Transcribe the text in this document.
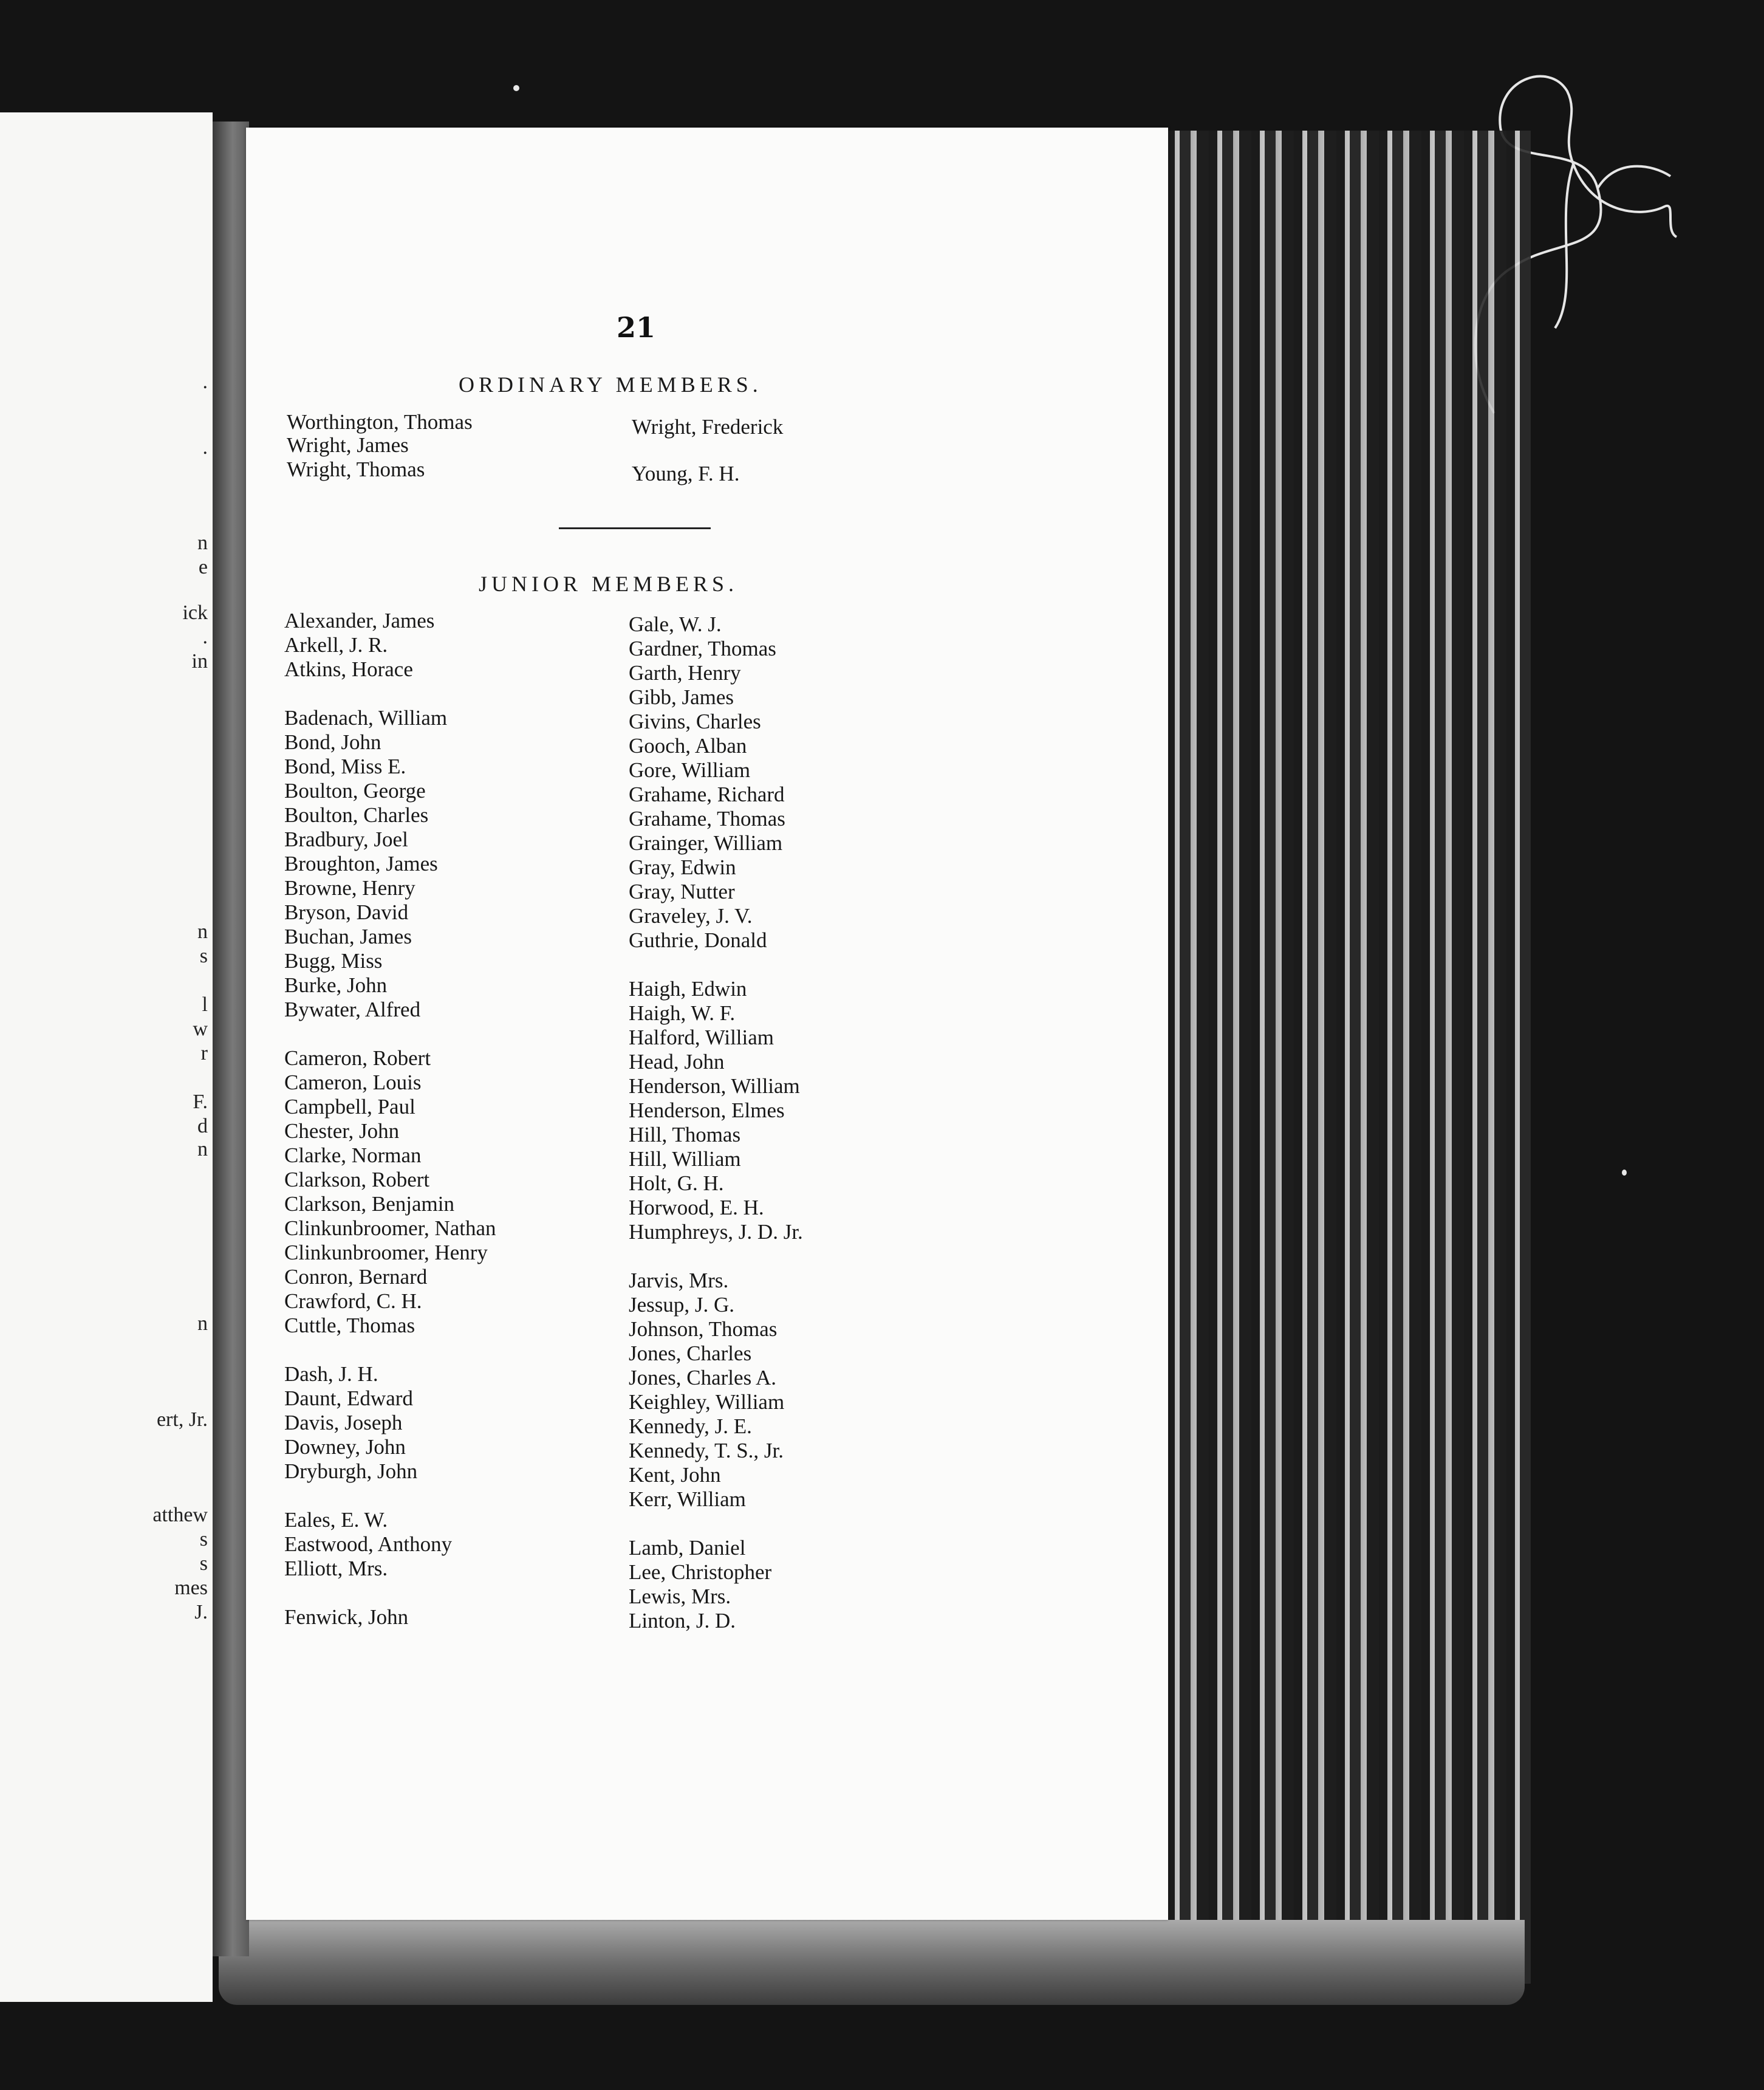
.
.
n
e
ick
.
in
n
s
l
w
r
F.
d
n
n
ert, Jr.
atthew
s
s
mes
J.
21
ORDINARY MEMBERS.
JUNIOR MEMBERS.
Worthington, Thomas
Wright, James
Wright, Thomas
Wright, Frederick
Young, F. H.
Alexander, James
Arkell, J. R.
Atkins, Horace
Badenach, William
Bond, John
Bond, Miss E.
Boulton, George
Boulton, Charles
Bradbury, Joel
Broughton, James
Browne, Henry
Bryson, David
Buchan, James
Bugg, Miss
Burke, John
Bywater, Alfred
Cameron, Robert
Cameron, Louis
Campbell, Paul
Chester, John
Clarke, Norman
Clarkson, Robert
Clarkson, Benjamin
Clinkunbroomer, Nathan
Clinkunbroomer, Henry
Conron, Bernard
Crawford, C. H.
Cuttle, Thomas
Dash, J. H.
Daunt, Edward
Davis, Joseph
Downey, John
Dryburgh, John
Eales, E. W.
Eastwood, Anthony
Elliott, Mrs.
Fenwick, John
Gale, W. J.
Gardner, Thomas
Garth, Henry
Gibb, James
Givins, Charles
Gooch, Alban
Gore, William
Grahame, Richard
Grahame, Thomas
Grainger, William
Gray, Edwin
Gray, Nutter
Graveley, J. V.
Guthrie, Donald
Haigh, Edwin
Haigh, W. F.
Halford, William
Head, John
Henderson, William
Henderson, Elmes
Hill, Thomas
Hill, William
Holt, G. H.
Horwood, E. H.
Humphreys, J. D. Jr.
Jarvis, Mrs.
Jessup, J. G.
Johnson, Thomas
Jones, Charles
Jones, Charles A.
Keighley, William
Kennedy, J. E.
Kennedy, T. S., Jr.
Kent, John
Kerr, William
Lamb, Daniel
Lee, Christopher
Lewis, Mrs.
Linton, J. D.
